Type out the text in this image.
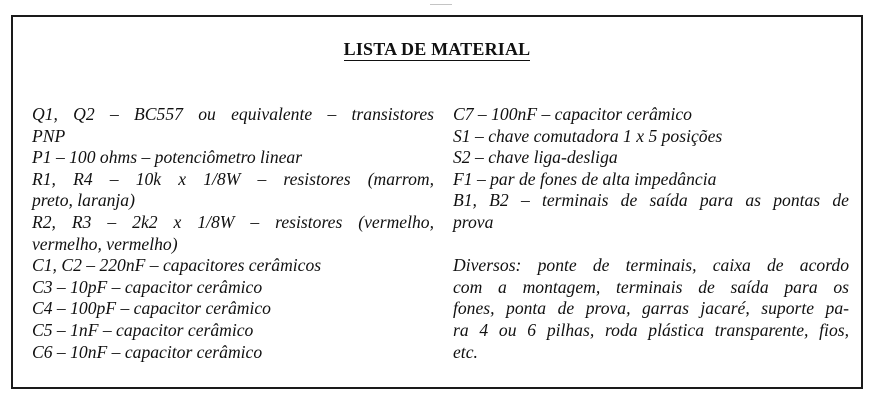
LISTA DE MATERIAL
Q1, Q2 – BC557 ou equivalente – transistores
PNP
P1 – 100 ohms – potenciômetro linear
R1, R4 – 10k x 1/8W – resistores (marrom,
preto, laranja)
R2, R3 – 2k2 x 1/8W – resistores (vermelho,
vermelho, vermelho)
C1, C2 – 220nF – capacitores cerâmicos
C3 – 10pF – capacitor cerâmico
C4 – 100pF – capacitor cerâmico
C5 – 1nF – capacitor cerâmico
C6 – 10nF – capacitor cerâmico
C7 – 100nF – capacitor cerâmico
S1 – chave comutadora 1 x 5 posições
S2 – chave liga-desliga
F1 – par de fones de alta impedância
B1, B2 – terminais de saída para as pontas de
prova
Diversos: ponte de terminais, caixa de acordo
com a montagem, terminais de saída para os
fones, ponta de prova, garras jacaré, suporte pa-
ra 4 ou 6 pilhas, roda plástica transparente, fios,
etc.
